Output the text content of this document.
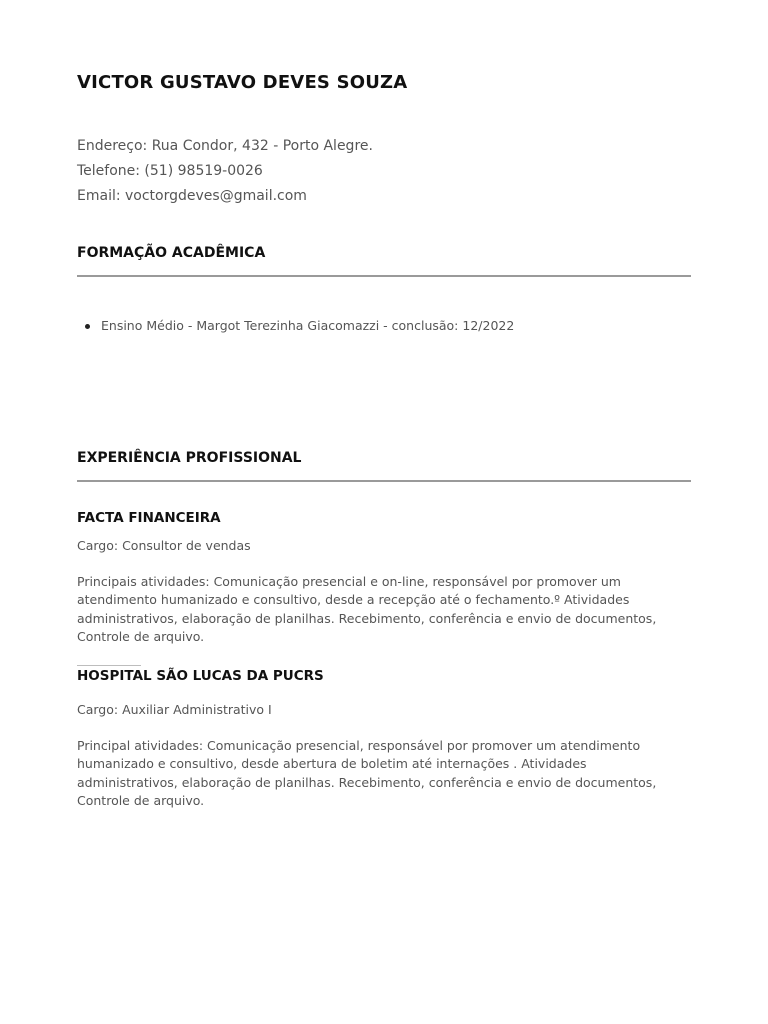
VICTOR GUSTAVO DEVES SOUZA
Endereço: Rua Condor, 432 - Porto Alegre.
Telefone: (51) 98519-0026
Email: voctorgdeves@gmail.com
FORMAÇÃO ACADÊMICA
Ensino Médio - Margot Terezinha Giacomazzi - conclusão: 12/2022
EXPERIÊNCIA PROFISSIONAL
FACTA FINANCEIRA
Cargo: Consultor de vendas
Principais atividades: Comunicação presencial e on-line, responsável por promover um atendimento humanizado e consultivo, desde a recepção até o fechamento.º Atividades administrativos, elaboração de planilhas. Recebimento, conferência e envio de documentos, Controle de arquivo.
HOSPITAL SÃO LUCAS DA PUCRS
Cargo: Auxiliar Administrativo I
Principal atividades: Comunicação presencial, responsável por promover um atendimento humanizado e consultivo, desde abertura de boletim até internações . Atividades administrativos, elaboração de planilhas. Recebimento, conferência e envio de documentos, Controle de arquivo.
